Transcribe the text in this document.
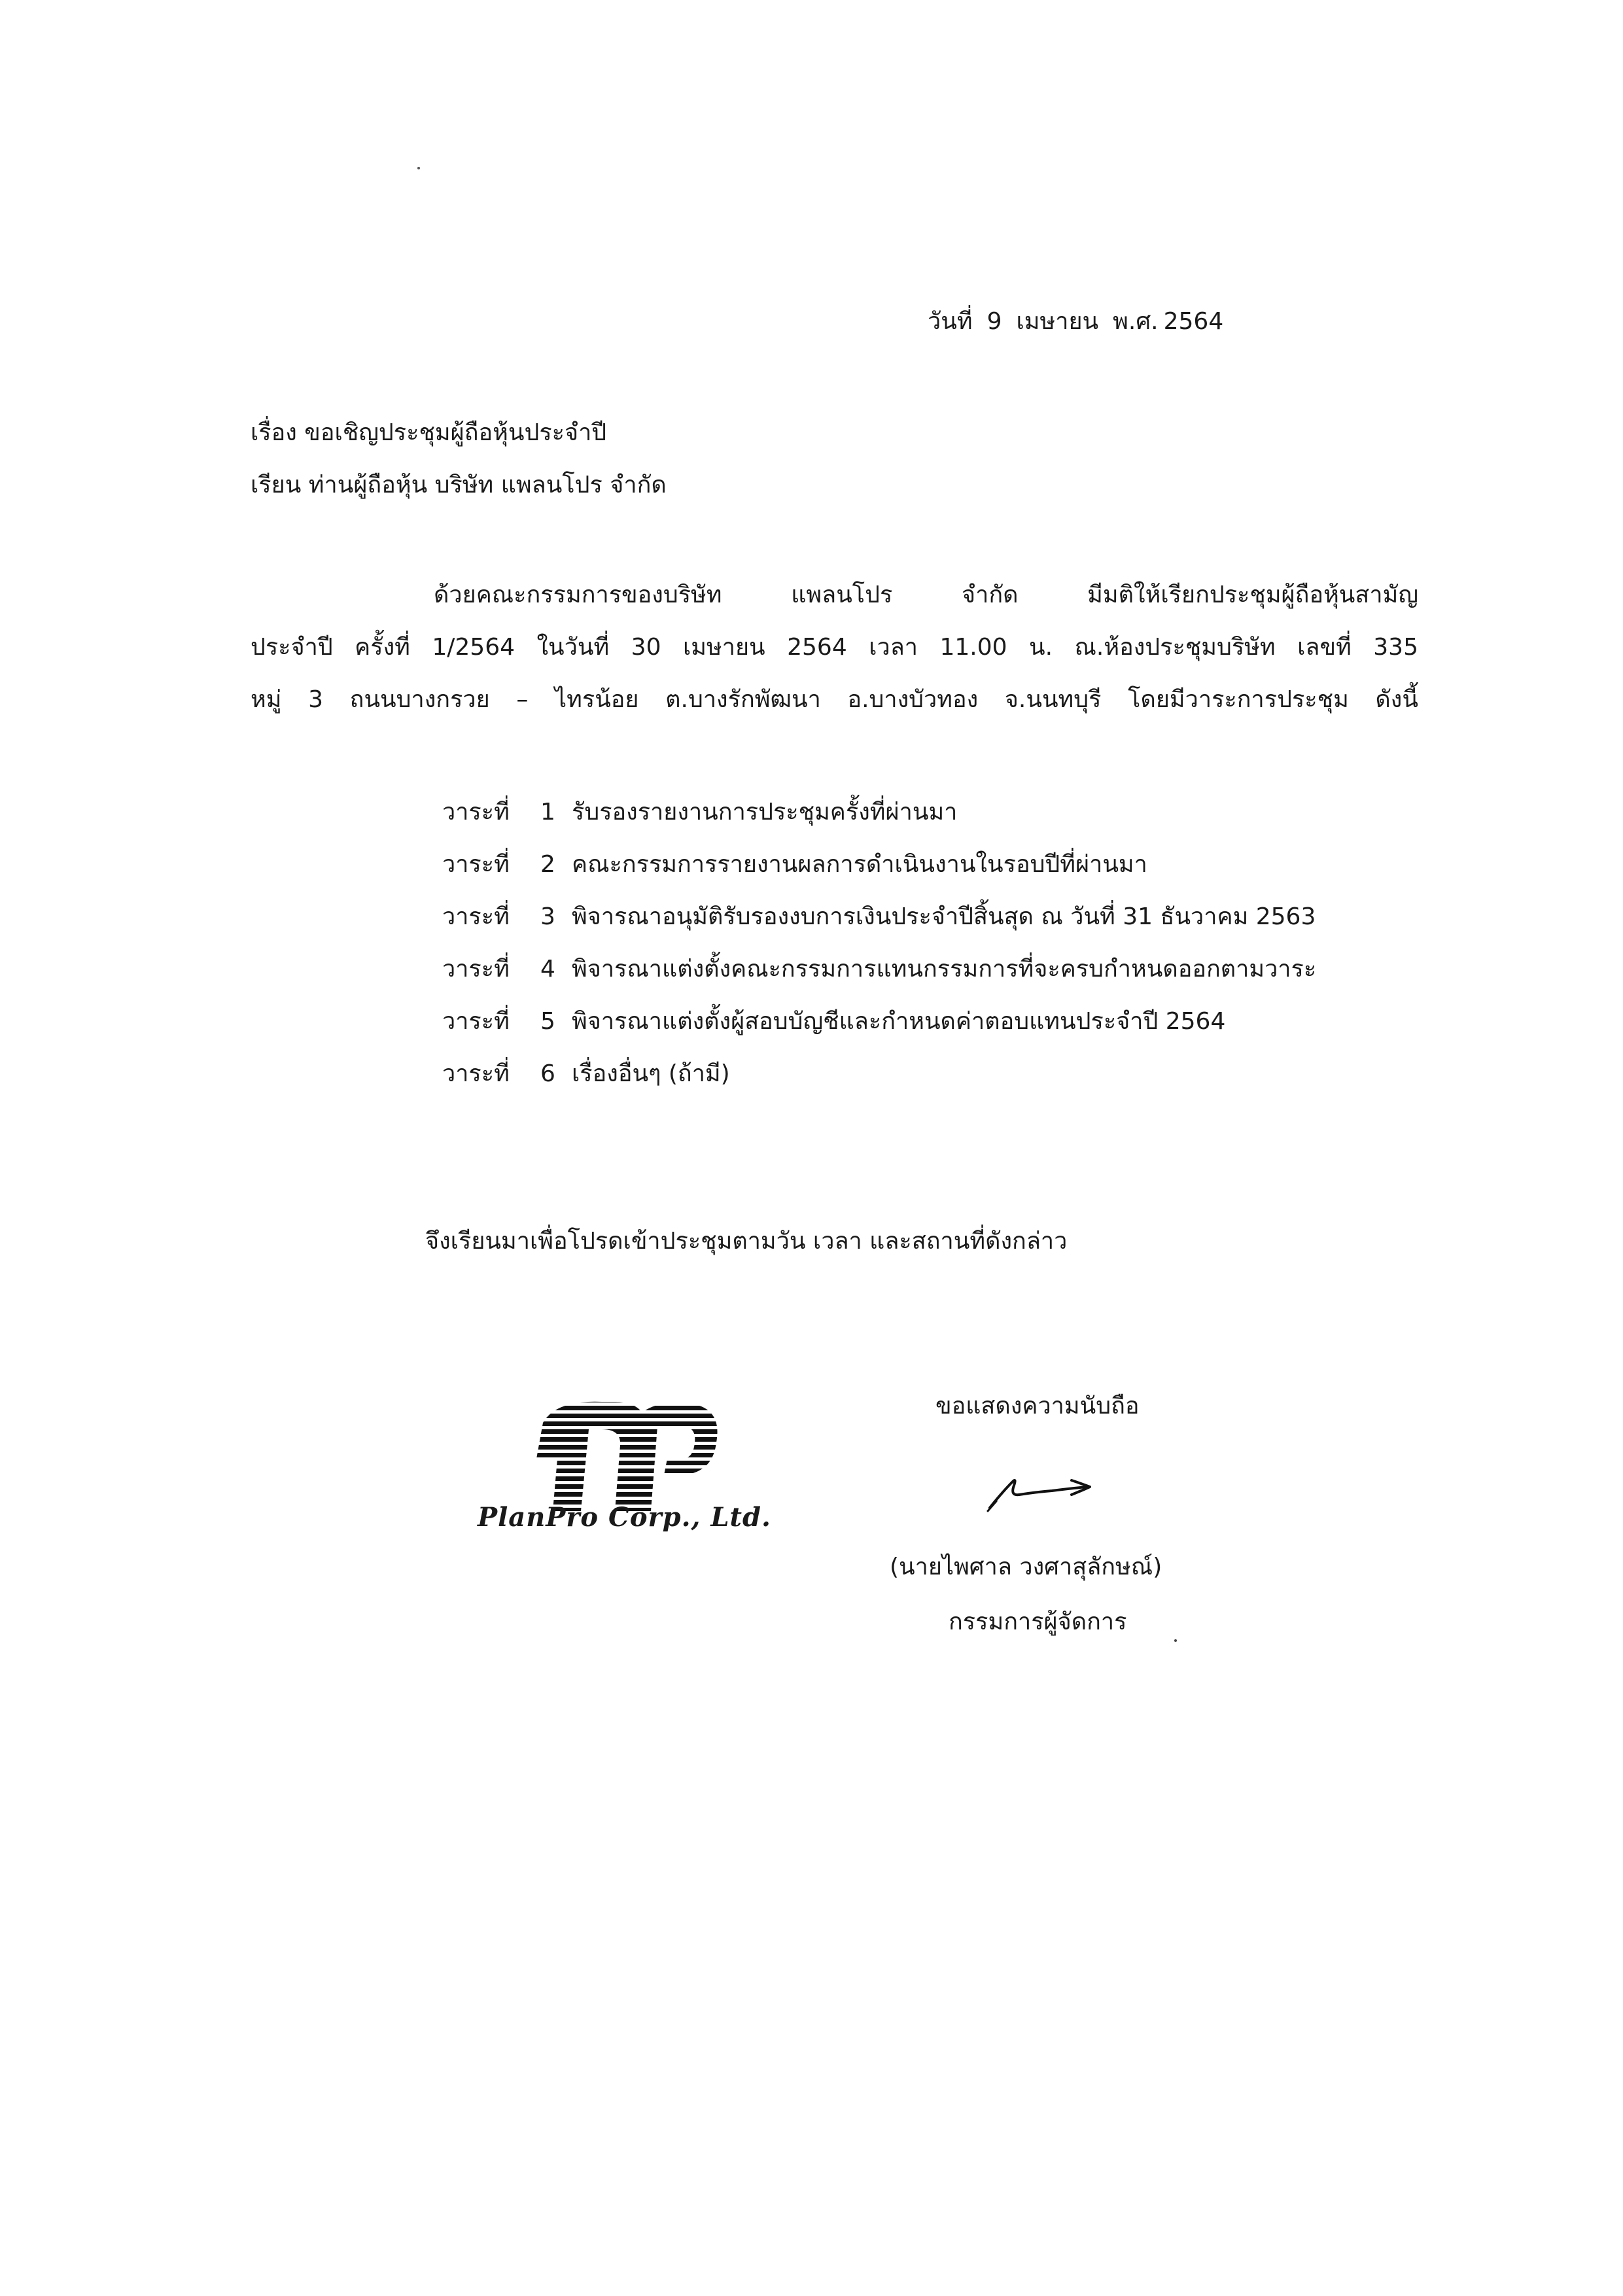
วันที่ 9 เมษายน พ.ศ. 2564
เรื่อง ขอเชิญประชุมผู้ถือหุ้นประจำปี
เรียน ท่านผู้ถือหุ้น บริษัท แพลนโปร จำกัด
ด้วยคณะกรรมการของบริษัท แพลนโปร จำกัด มีมติให้เรียกประชุมผู้ถือหุ้นสามัญ
ประจำปี ครั้งที่ 1/2564 ในวันที่ 30 เมษายน 2564 เวลา 11.00 น. ณ.ห้องประชุมบริษัท เลขที่ 335
หมู่ 3 ถนนบางกรวย – ไทรน้อย ต.บางรักพัฒนา อ.บางบัวทอง จ.นนทบุรี โดยมีวาระการประชุม ดังนี้
วาระที่ 1 รับรองรายงานการประชุมครั้งที่ผ่านมา
วาระที่ 2 คณะกรรมการรายงานผลการดำเนินงานในรอบปีที่ผ่านมา
วาระที่ 3 พิจารณาอนุมัติรับรองงบการเงินประจำปีสิ้นสุด ณ วันที่ 31 ธันวาคม 2563
วาระที่ 4 พิจารณาแต่งตั้งคณะกรรมการแทนกรรมการที่จะครบกำหนดออกตามวาระ
วาระที่ 5 พิจารณาแต่งตั้งผู้สอบบัญชีและกำหนดค่าตอบแทนประจำปี 2564
วาระที่ 6 เรื่องอื่นๆ (ถ้ามี)
จึงเรียนมาเพื่อโปรดเข้าประชุมตามวัน เวลา และสถานที่ดังกล่าว
PlanPro Corp., Ltd.
ขอแสดงความนับถือ
(นายไพศาล วงศาสุลักษณ์)
กรรมการผู้จัดการ
